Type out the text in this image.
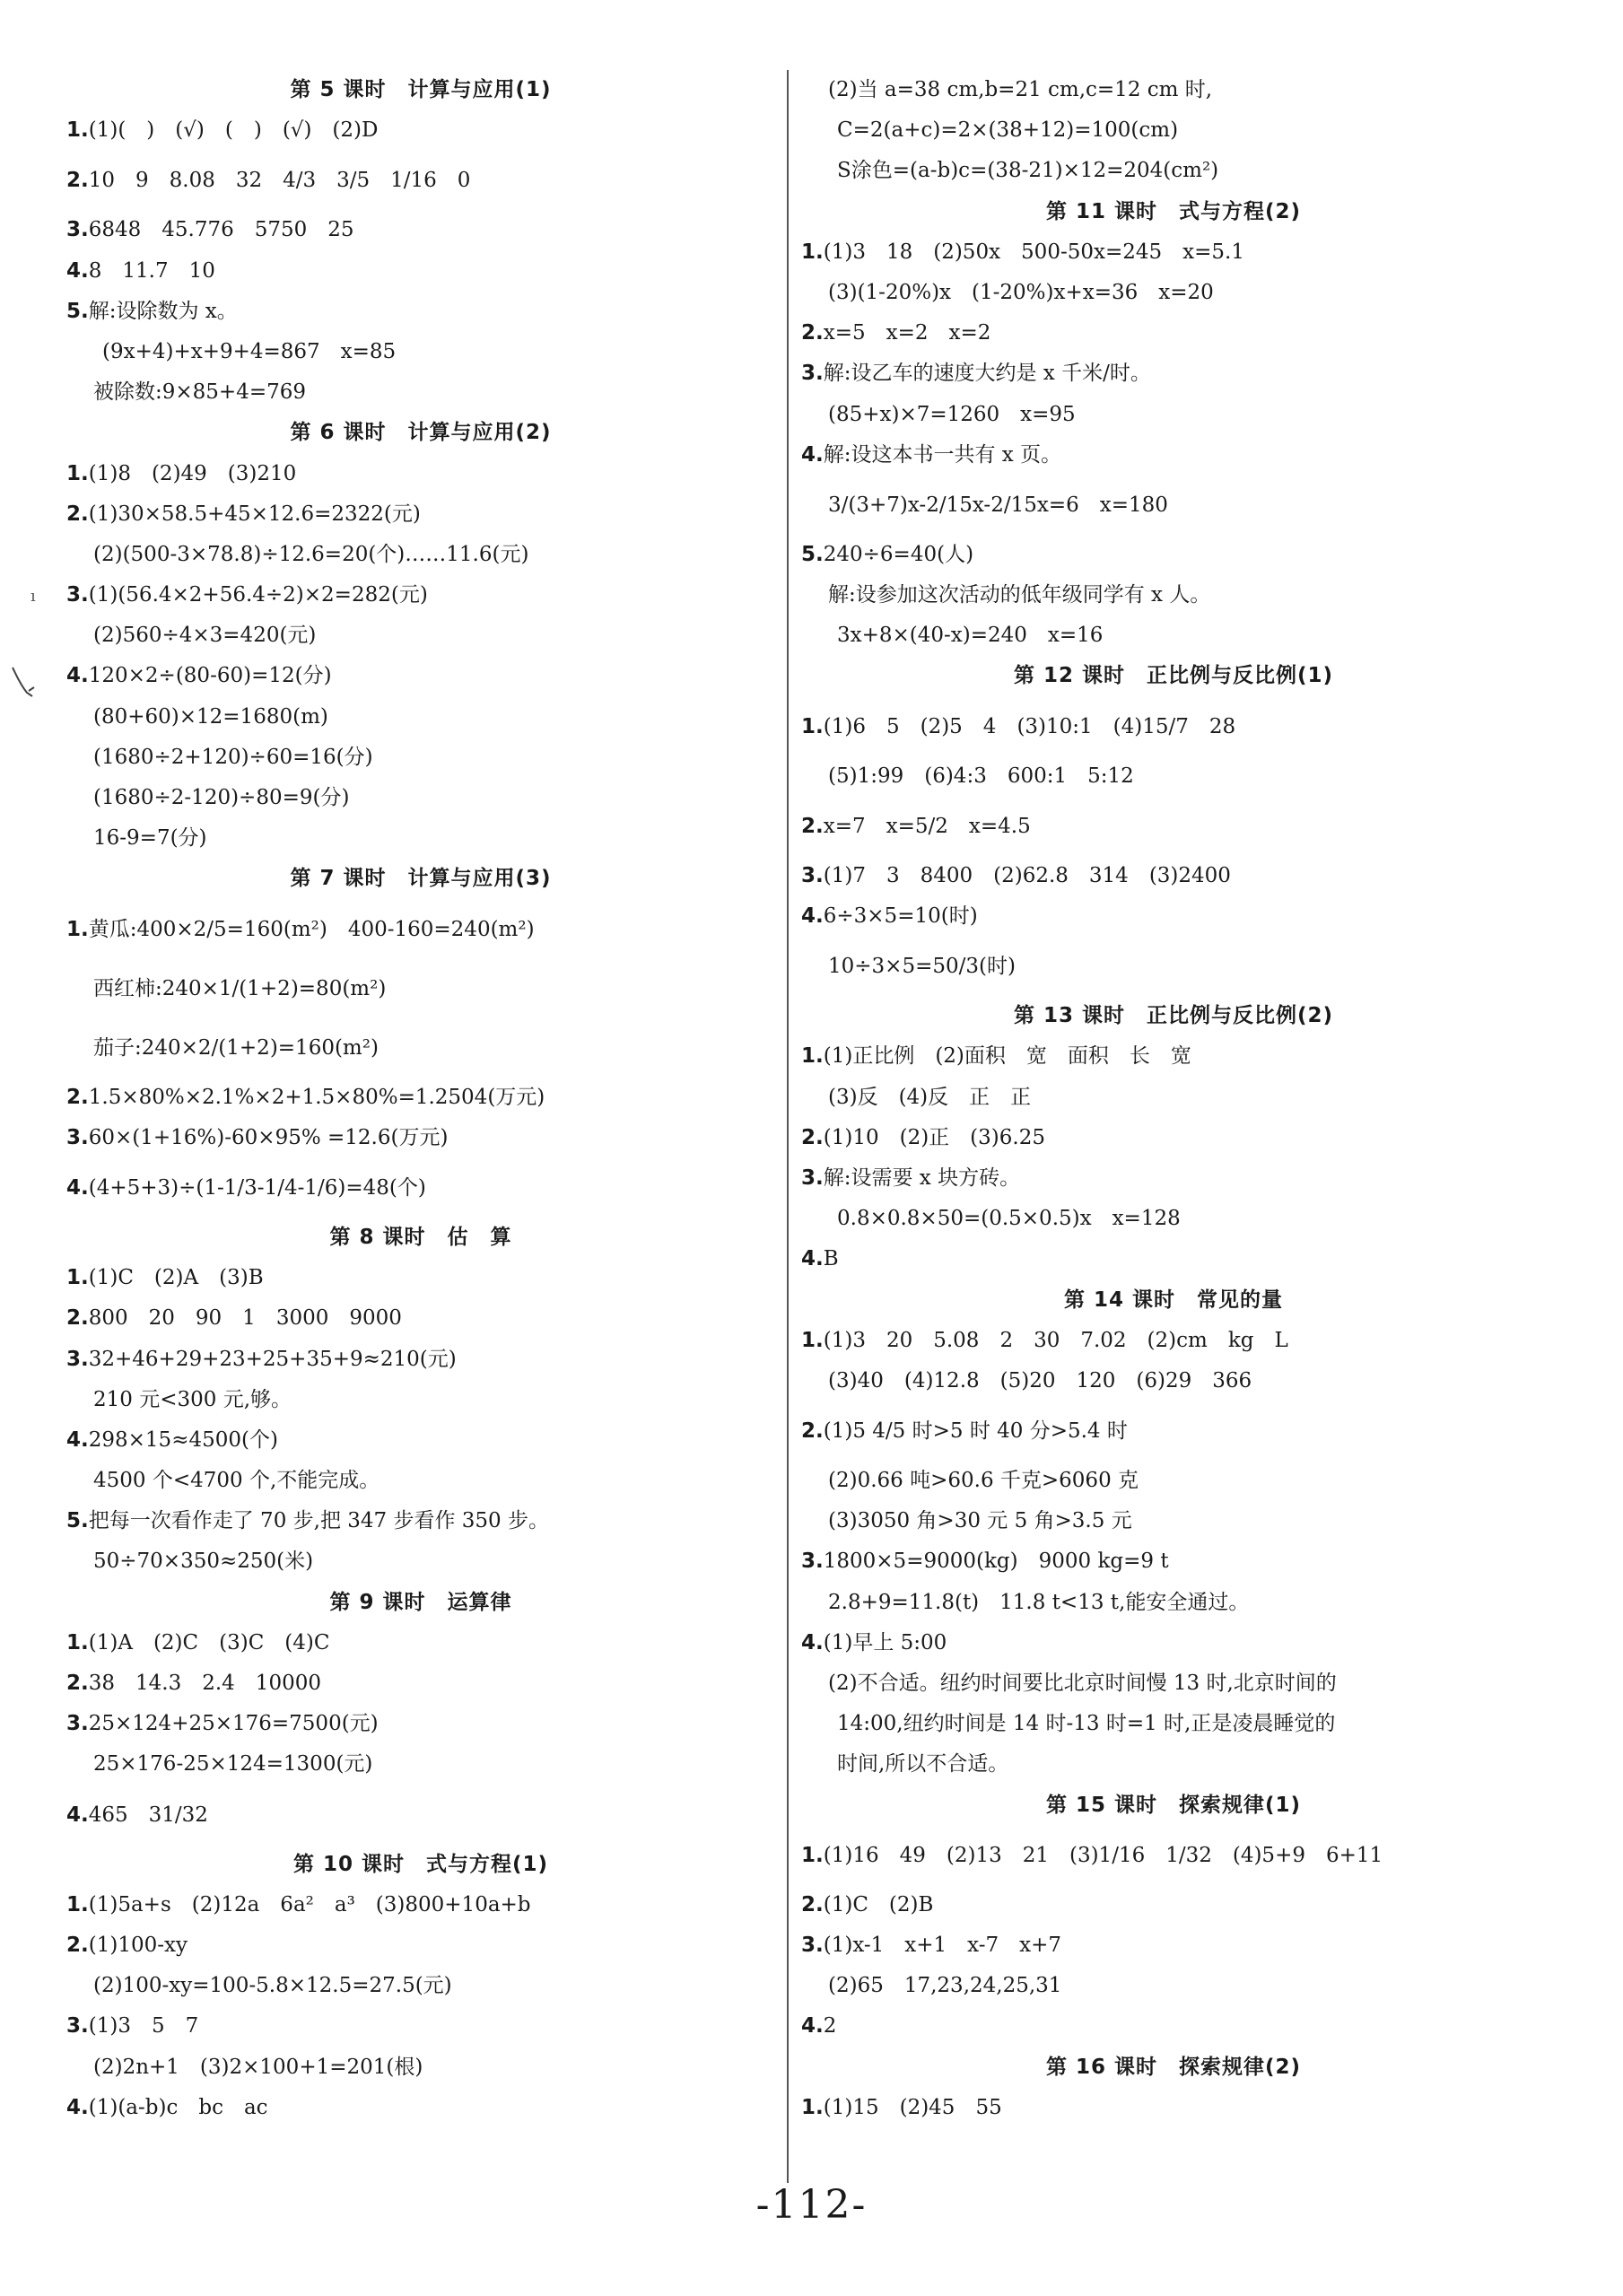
第 5 课时　计算与应用(1)
1.(1)(　)　(√)　(　)　(√)　(2)D
2.10　9　8.08　32　4/3　3/5　1/16　0
3.6848　45.776　5750　25
4.8　11.7　10
5.解:设除数为 x。
(9x+4)+x+9+4=867　x=85
被除数:9×85+4=769
第 6 课时　计算与应用(2)
1.(1)8　(2)49　(3)210
2.(1)30×58.5+45×12.6=2322(元)
(2)(500-3×78.8)÷12.6=20(个)……11.6(元)
3.(1)(56.4×2+56.4÷2)×2=282(元)
(2)560÷4×3=420(元)
4.120×2÷(80-60)=12(分)
(80+60)×12=1680(m)
(1680÷2+120)÷60=16(分)
(1680÷2-120)÷80=9(分)
16-9=7(分)
第 7 课时　计算与应用(3)
1.黄瓜:400×2/5=160(m²)　400-160=240(m²)
西红柿:240×1/(1+2)=80(m²)
茄子:240×2/(1+2)=160(m²)
2.1.5×80%×2.1%×2+1.5×80%=1.2504(万元)
3.60×(1+16%)-60×95% =12.6(万元)
4.(4+5+3)÷(1-1/3-1/4-1/6)=48(个)
第 8 课时　估　算
1.(1)C　(2)A　(3)B
2.800　20　90　1　3000　9000
3.32+46+29+23+25+35+9≈210(元)
210 元<300 元,够。
4.298×15≈4500(个)
4500 个<4700 个,不能完成。
5.把每一次看作走了 70 步,把 347 步看作 350 步。
50÷70×350≈250(米)
第 9 课时　运算律
1.(1)A　(2)C　(3)C　(4)C
2.38　14.3　2.4　10000
3.25×124+25×176=7500(元)
25×176-25×124=1300(元)
4.465　31/32
第 10 课时　式与方程(1)
1.(1)5a+s　(2)12a　6a²　a³　(3)800+10a+b
2.(1)100-xy
(2)100-xy=100-5.8×12.5=27.5(元)
3.(1)3　5　7
(2)2n+1　(3)2×100+1=201(根)
4.(1)(a-b)c　bc　ac
(2)当 a=38 cm,b=21 cm,c=12 cm 时,
C=2(a+c)=2×(38+12)=100(cm)
S涂色=(a-b)c=(38-21)×12=204(cm²)
第 11 课时　式与方程(2)
1.(1)3　18　(2)50x　500-50x=245　x=5.1
(3)(1-20%)x　(1-20%)x+x=36　x=20
2.x=5　x=2　x=2
3.解:设乙车的速度大约是 x 千米/时。
(85+x)×7=1260　x=95
4.解:设这本书一共有 x 页。
3/(3+7)x-2/15x-2/15x=6　x=180
5.240÷6=40(人)
解:设参加这次活动的低年级同学有 x 人。
3x+8×(40-x)=240　x=16
第 12 课时　正比例与反比例(1)
1.(1)6　5　(2)5　4　(3)10:1　(4)15/7　28
(5)1:99　(6)4:3　600:1　5:12
2.x=7　x=5/2　x=4.5
3.(1)7　3　8400　(2)62.8　314　(3)2400
4.6÷3×5=10(时)
10÷3×5=50/3(时)
第 13 课时　正比例与反比例(2)
1.(1)正比例　(2)面积　宽　面积　长　宽
(3)反　(4)反　正　正
2.(1)10　(2)正　(3)6.25
3.解:设需要 x 块方砖。
0.8×0.8×50=(0.5×0.5)x　x=128
4.B
第 14 课时　常见的量
1.(1)3　20　5.08　2　30　7.02　(2)cm　kg　L
(3)40　(4)12.8　(5)20　120　(6)29　366
2.(1)5 4/5 时>5 时 40 分>5.4 时
(2)0.66 吨>60.6 千克>6060 克
(3)3050 角>30 元 5 角>3.5 元
3.1800×5=9000(kg)　9000 kg=9 t
2.8+9=11.8(t)　11.8 t<13 t,能安全通过。
4.(1)早上 5:00
(2)不合适。纽约时间要比北京时间慢 13 时,北京时间的
14:00,纽约时间是 14 时-13 时=1 时,正是凌晨睡觉的
时间,所以不合适。
第 15 课时　探索规律(1)
1.(1)16　49　(2)13　21　(3)1/16　1/32　(4)5+9　6+11
2.(1)C　(2)B
3.(1)x-1　x+1　x-7　x+7
(2)65　17,23,24,25,31
4.2
第 16 课时　探索规律(2)
1.(1)15　(2)45　55
ı
-112-
